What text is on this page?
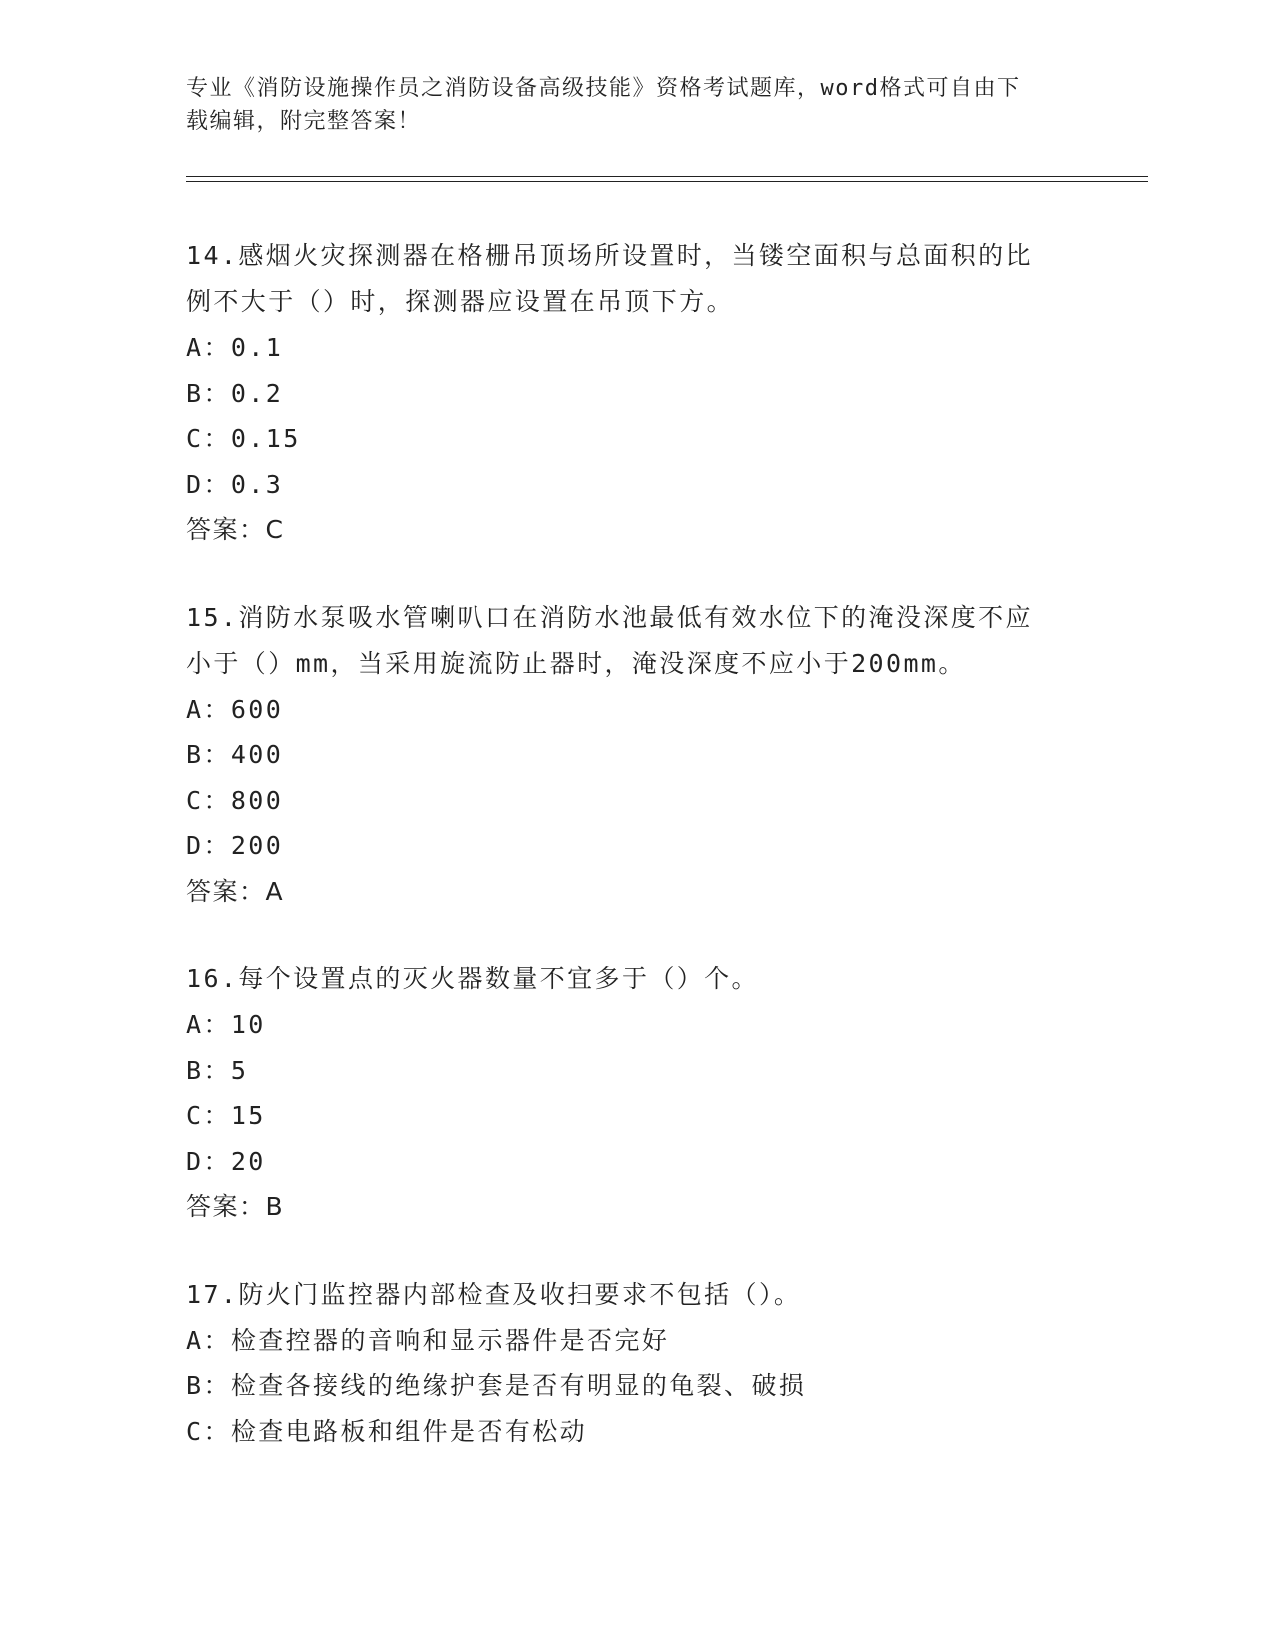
专业《消防设施操作员之消防设备高级技能》资格考试题库，word格式可自由下
载编辑，附完整答案！
14.感烟火灾探测器在格栅吊顶场所设置时，当镂空面积与总面积的比
例不大于（）时，探测器应设置在吊顶下方。
A：0.1
B：0.2
C：0.15
D：0.3
答案：C
15.消防水泵吸水管喇叭口在消防水池最低有效水位下的淹没深度不应
小于（）mm，当采用旋流防止器时，淹没深度不应小于200mm。
A：600
B：400
C：800
D：200
答案：A
16.每个设置点的灭火器数量不宜多于（）个。
A：10
B：5
C：15
D：20
答案：B
17.防火门监控器内部检查及收扫要求不包括（）。
A：检查控器的音响和显示器件是否完好
B：检查各接线的绝缘护套是否有明显的龟裂、破损
C：检查电路板和组件是否有松动
